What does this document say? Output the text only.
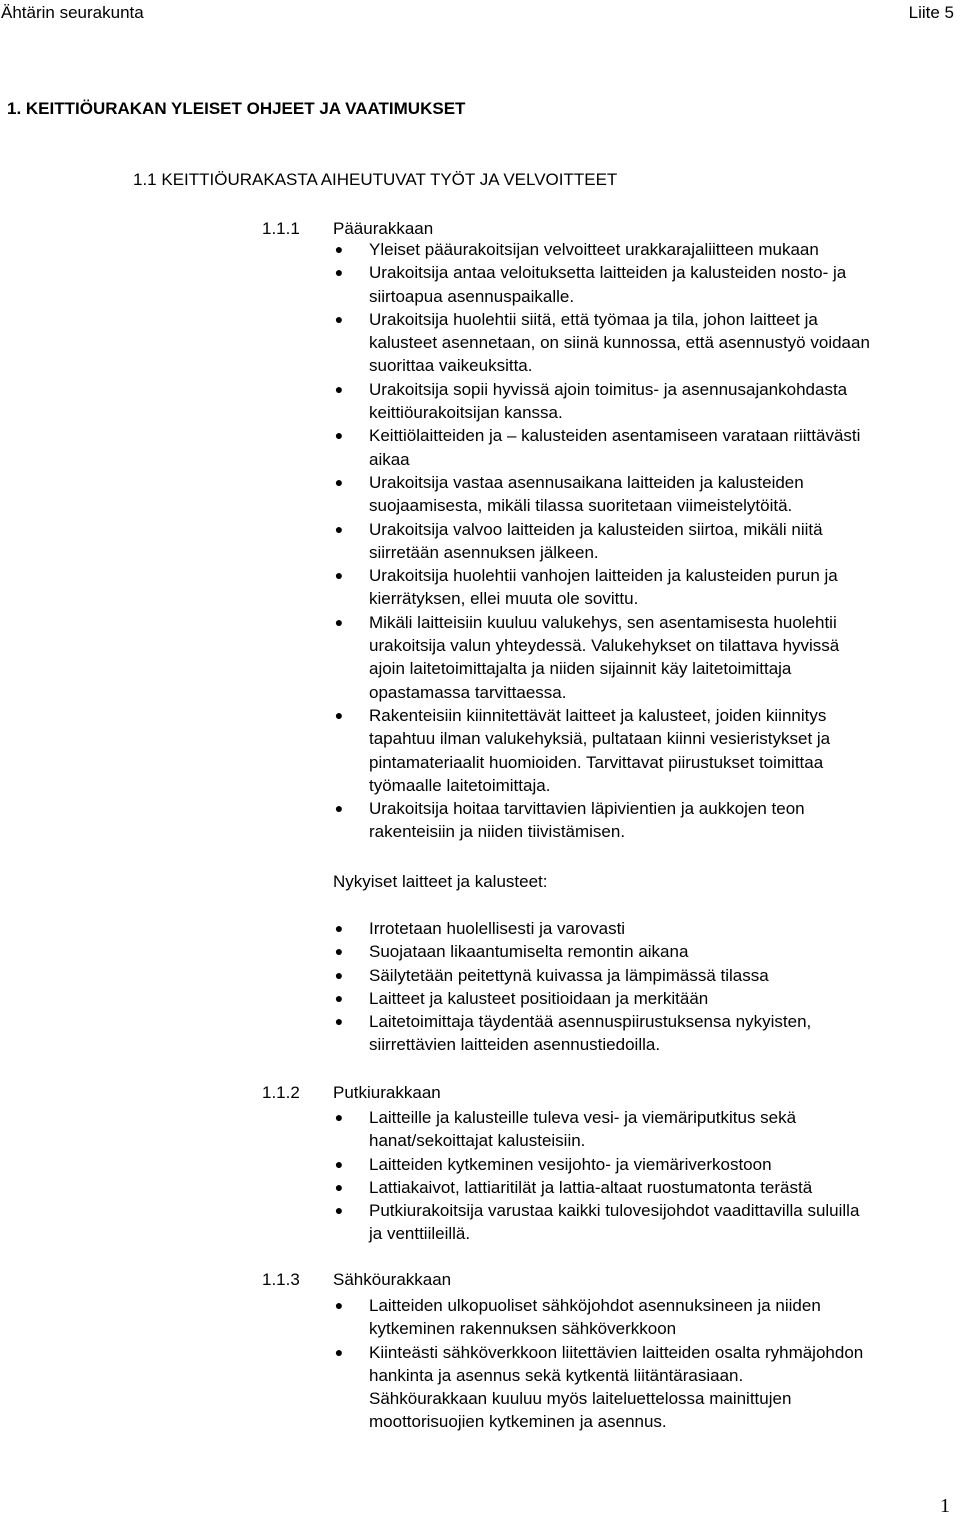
Ähtärin seurakunta	Liite 5
1. KEITTIÖURAKAN YLEISET OHJEET JA VAATIMUKSET
1.1 KEITTIÖURAKASTA AIHEUTUVAT TYÖT JA VELVOITTEET
1.1.1 Pääurakkaan
● Yleiset pääurakoitsijan velvoitteet urakkarajaliitteen mukaan
● Urakoitsija antaa veloituksetta laitteiden ja kalusteiden nosto- ja
siirtoapua asennuspaikalle.
● Urakoitsija huolehtii siitä, että työmaa ja tila, johon laitteet ja
kalusteet asennetaan, on siinä kunnossa, että asennustyö voidaan
suorittaa vaikeuksitta.
● Urakoitsija sopii hyvissä ajoin toimitus- ja asennusajankohdasta
keittiöurakoitsijan kanssa.
● Keittiölaitteiden ja – kalusteiden asentamiseen varataan riittävästi
aikaa
● Urakoitsija vastaa asennusaikana laitteiden ja kalusteiden
suojaamisesta, mikäli tilassa suoritetaan viimeistelytöitä.
● Urakoitsija valvoo laitteiden ja kalusteiden siirtoa, mikäli niitä
siirretään asennuksen jälkeen.
● Urakoitsija huolehtii vanhojen laitteiden ja kalusteiden purun ja
kierrätyksen, ellei muuta ole sovittu.
● Mikäli laitteisiin kuuluu valukehys, sen asentamisesta huolehtii
urakoitsija valun yhteydessä. Valukehykset on tilattava hyvissä
ajoin laitetoimittajalta ja niiden sijainnit käy laitetoimittaja
opastamassa tarvittaessa.
● Rakenteisiin kiinnitettävät laitteet ja kalusteet, joiden kiinnitys
tapahtuu ilman valukehyksiä, pultataan kiinni vesieristykset ja
pintamateriaalit huomioiden. Tarvittavat piirustukset toimittaa
työmaalle laitetoimittaja.
● Urakoitsija hoitaa tarvittavien läpivientien ja aukkojen teon
rakenteisiin ja niiden tiivistämisen.
Nykyiset laitteet ja kalusteet:
● Irrotetaan huolellisesti ja varovasti
● Suojataan likaantumiselta remontin aikana
● Säilytetään peitettynä kuivassa ja lämpimässä tilassa
● Laitteet ja kalusteet positioidaan ja merkitään
● Laitetoimittaja täydentää asennuspiirustuksensa nykyisten,
siirrettävien laitteiden asennustiedoilla.
1.1.2 Putkiurakkaan
● Laitteille ja kalusteille tuleva vesi- ja viemäriputkitus sekä
hanat/sekoittajat kalusteisiin.
● Laitteiden kytkeminen vesijohto- ja viemäriverkostoon
● Lattiakaivot, lattiaritilät ja lattia-altaat ruostumatonta terästä
● Putkiurakoitsija varustaa kaikki tulovesijohdot vaadittavilla suluilla
ja venttiileillä.
1.1.3 Sähköurakkaan
● Laitteiden ulkopuoliset sähköjohdot asennuksineen ja niiden
kytkeminen rakennuksen sähköverkkoon
● Kiinteästi sähköverkkoon liitettävien laitteiden osalta ryhmäjohdon
hankinta ja asennus sekä kytkentä liitäntärasiaan.
Sähköurakkaan kuuluu myös laiteluettelossa mainittujen
moottorisuojien kytkeminen ja asennus.
1
